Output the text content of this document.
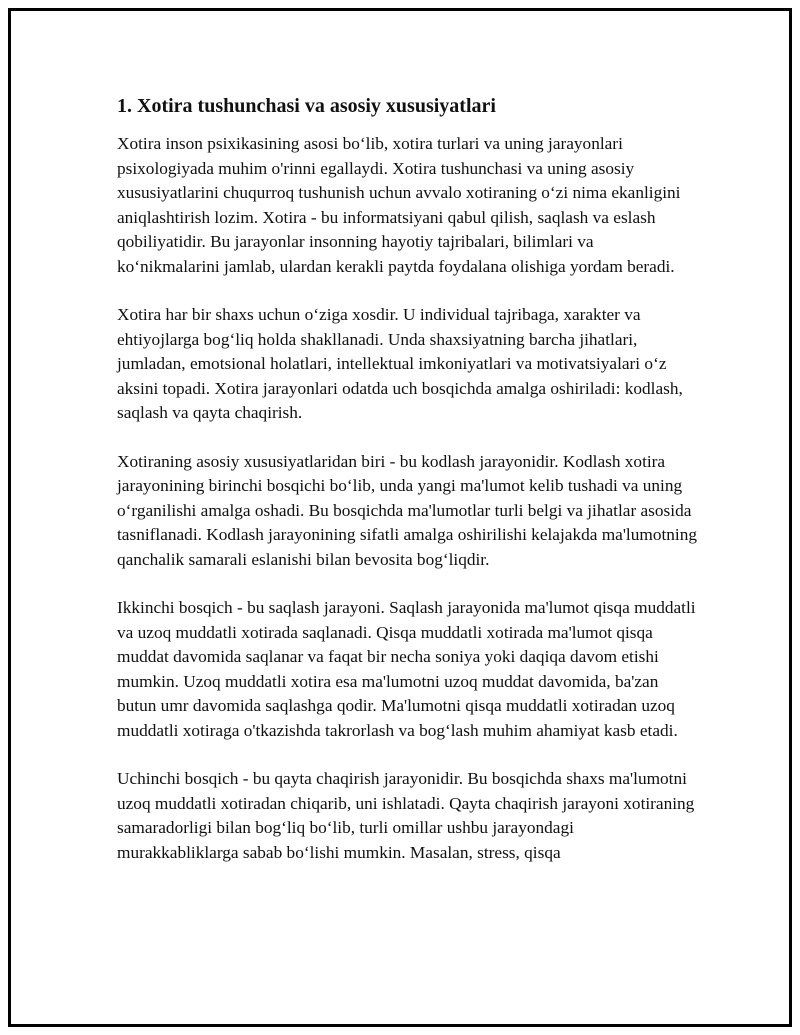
1. Xotira tushunchasi va asosiy xususiyatlari

Xotira inson psixikasining asosi bo‘lib, xotira turlari va uning jarayonlari psixologiyada muhim o'rinni egallaydi. Xotira tushunchasi va uning asosiy xususiyatlarini chuqurroq tushunish uchun avvalo xotiraning o‘zi nima ekanligini aniqlashtirish lozim. Xotira - bu informatsiyani qabul qilish, saqlash va eslash qobiliyatidir. Bu jarayonlar insonning hayotiy tajribalari, bilimlari va ko‘nikmalarini jamlab, ulardan kerakli paytda foydalana olishiga yordam beradi.

Xotira har bir shaxs uchun o‘ziga xosdir. U individual tajribaga, xarakter va ehtiyojlarga bog‘liq holda shakllanadi. Unda shaxsiyatning barcha jihatlari, jumladan, emotsional holatlari, intellektual imkoniyatlari va motivatsiyalari o‘z aksini topadi. Xotira jarayonlari odatda uch bosqichda amalga oshiriladi: kodlash, saqlash va qayta chaqirish.

Xotiraning asosiy xususiyatlaridan biri - bu kodlash jarayonidir. Kodlash xotira jarayonining birinchi bosqichi bo‘lib, unda yangi ma'lumot kelib tushadi va uning o‘rganilishi amalga oshadi. Bu bosqichda ma'lumotlar turli belgi va jihatlar asosida tasniflanadi. Kodlash jarayonining sifatli amalga oshirilishi kelajakda ma'lumotning qanchalik samarali eslanishi bilan bevosita bog‘liqdir.

Ikkinchi bosqich - bu saqlash jarayoni. Saqlash jarayonida ma'lumot qisqa muddatli va uzoq muddatli xotirada saqlanadi. Qisqa muddatli xotirada ma'lumot qisqa muddat davomida saqlanar va faqat bir necha soniya yoki daqiqa davom etishi mumkin. Uzoq muddatli xotira esa ma'lumotni uzoq muddat davomida, ba'zan butun umr davomida saqlashga qodir. Ma'lumotni qisqa muddatli xotiradan uzoq muddatli xotiraga o'tkazishda takrorlash va bog‘lash muhim ahamiyat kasb etadi.

Uchinchi bosqich - bu qayta chaqirish jarayonidir. Bu bosqichda shaxs ma'lumotni uzoq muddatli xotiradan chiqarib, uni ishlatadi. Qayta chaqirish jarayoni xotiraning samaradorligi bilan bog‘liq bo‘lib, turli omillar ushbu jarayondagi murakkabliklarga sabab bo‘lishi mumkin. Masalan, stress, qisqa
